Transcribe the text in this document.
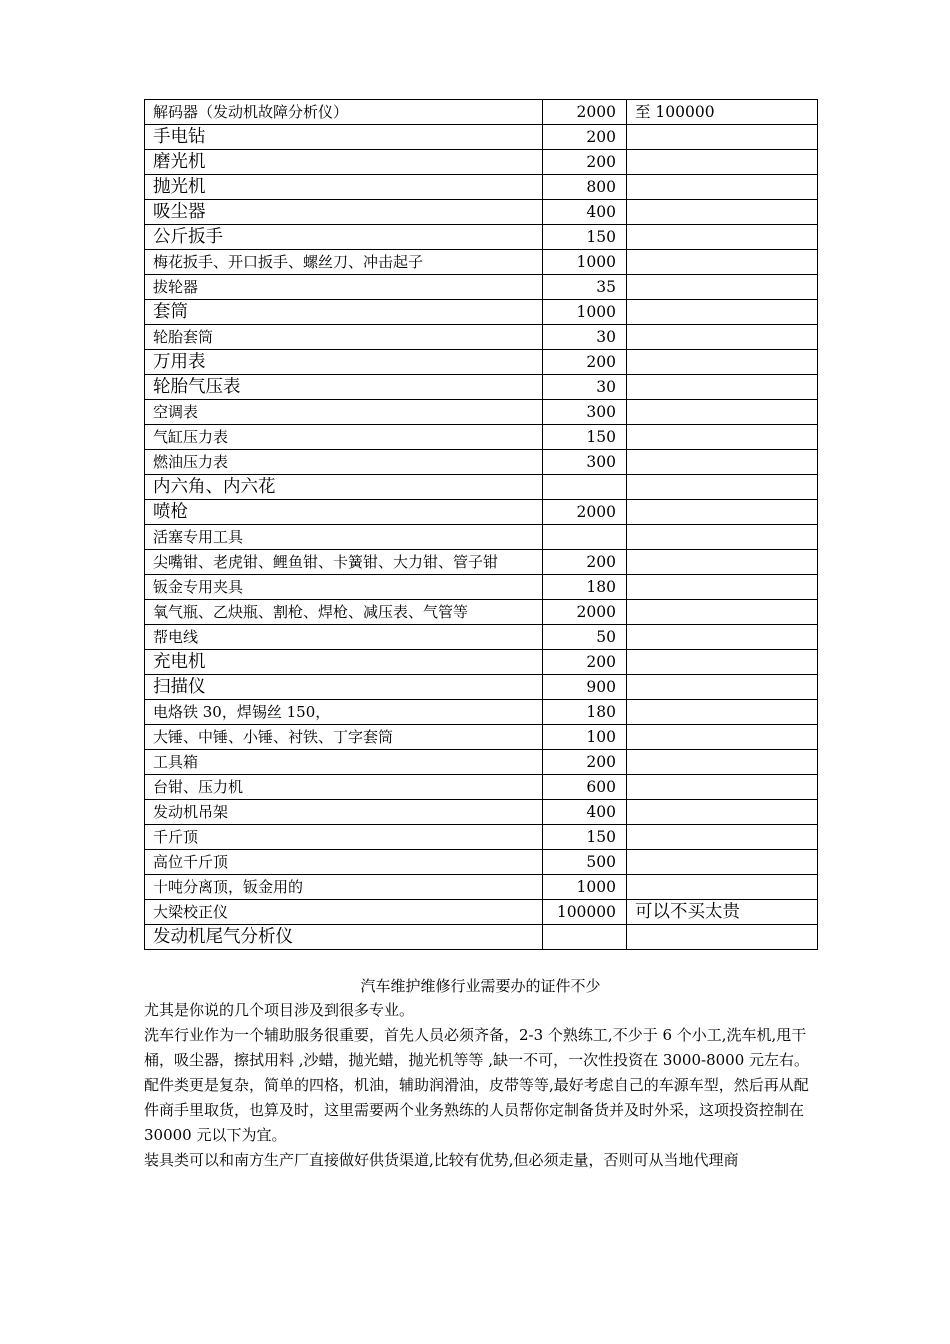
解码器（发动机故障分析仪）	2000	至 100000
手电钻	200	
磨光机	200	
抛光机	800	
吸尘器	400	
公斤扳手	150	
梅花扳手、开口扳手、螺丝刀、冲击起子	1000	
拔轮器	35	
套筒	1000	
轮胎套筒	30	
万用表	200	
轮胎气压表	30	
空调表	300	
气缸压力表	150	
燃油压力表	300	
内六角、内六花		
喷枪	2000	
活塞专用工具		
尖嘴钳、老虎钳、鲤鱼钳、卡簧钳、大力钳、管子钳	200	
钣金专用夹具	180	
氧气瓶、乙炔瓶、割枪、焊枪、减压表、气管等	2000	
帮电线	50	
充电机	200	
扫描仪	900	
电烙铁 30，焊锡丝 150，	180	
大锤、中锤、小锤、衬铁、丁字套筒	100	
工具箱	200	
台钳、压力机	600	
发动机吊架	400	
千斤顶	150	
高位千斤顶	500	
十吨分离顶，钣金用的	1000	
大梁校正仪	100000	可以不买太贵
发动机尾气分析仪		
汽车维护维修行业需要办的证件不少

尤其是你说的几个项目涉及到很多专业。

洗车行业作为一个辅助服务很重要，首先人员必须齐备，2-3 个熟练工,不少于 6 个小工,洗车机,甩干桶，吸尘器，擦拭用料 ,沙蜡，抛光蜡，抛光机等等 ,缺一不可，一次性投资在 3000-8000 元左右。

配件类更是复杂，简单的四格，机油，辅助润滑油，皮带等等,最好考虑自己的车源车型，然后再从配件商手里取货，也算及时，这里需要两个业务熟练的人员帮你定制备货并及时外采，这项投资控制在 30000 元以下为宜。

装具类可以和南方生产厂直接做好供货渠道,比较有优势,但必须走量，否则可从当地代理商
